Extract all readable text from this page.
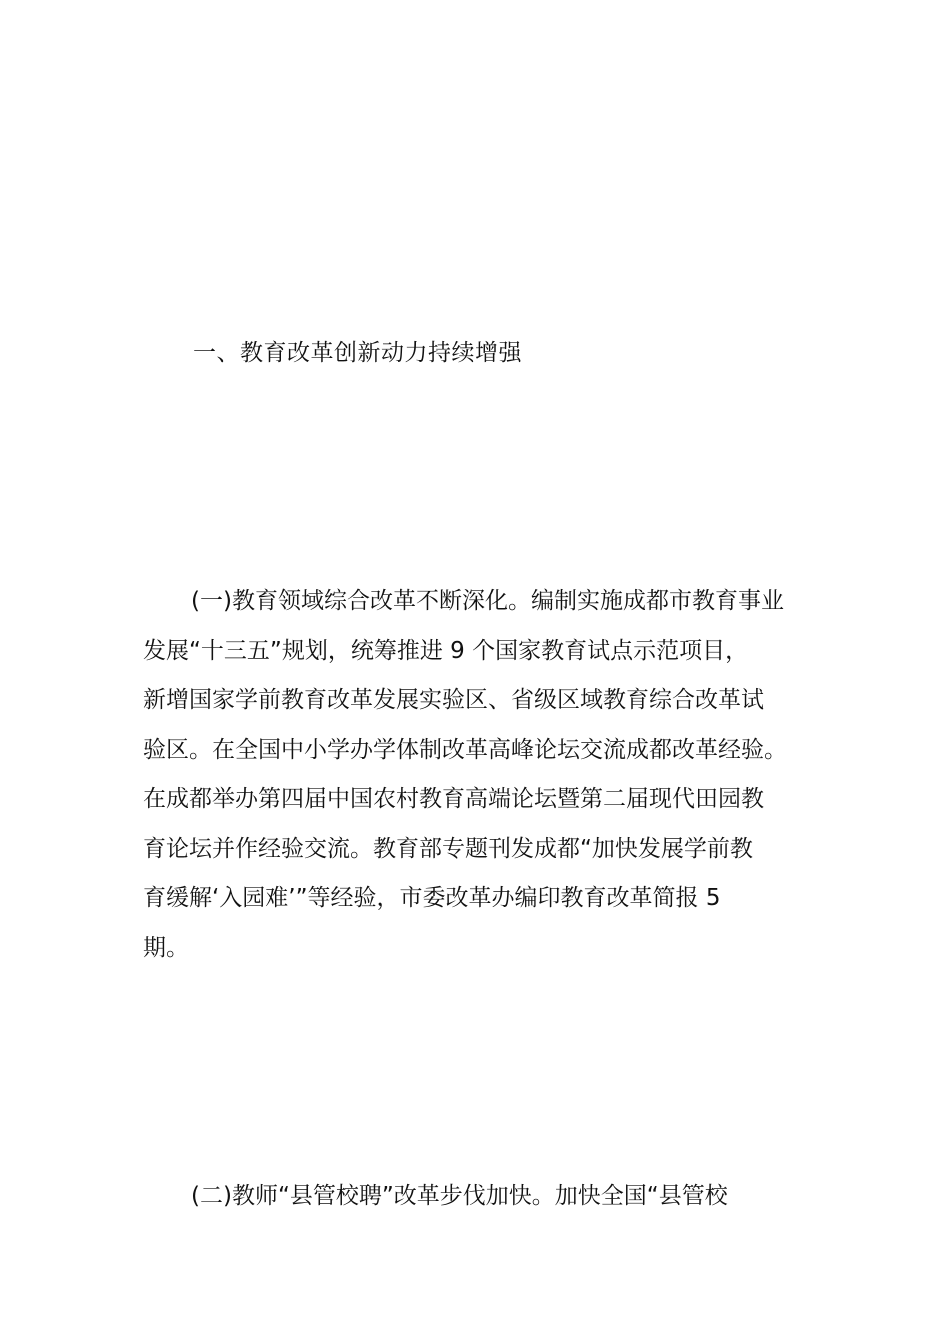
一、教育改革创新动力持续增强
(一)教育领域综合改革不断深化。编制实施成都市教育事业
发展“十三五”规划，统筹推进 9 个国家教育试点示范项目，
新增国家学前教育改革发展实验区、省级区域教育综合改革试
验区。在全国中小学办学体制改革高峰论坛交流成都改革经验。
在成都举办第四届中国农村教育高端论坛暨第二届现代田园教
育论坛并作经验交流。教育部专题刊发成都“加快发展学前教
育缓解‘入园难’”等经验，市委改革办编印教育改革简报 5
期。
(二)教师“县管校聘”改革步伐加快。加快全国“县管校
